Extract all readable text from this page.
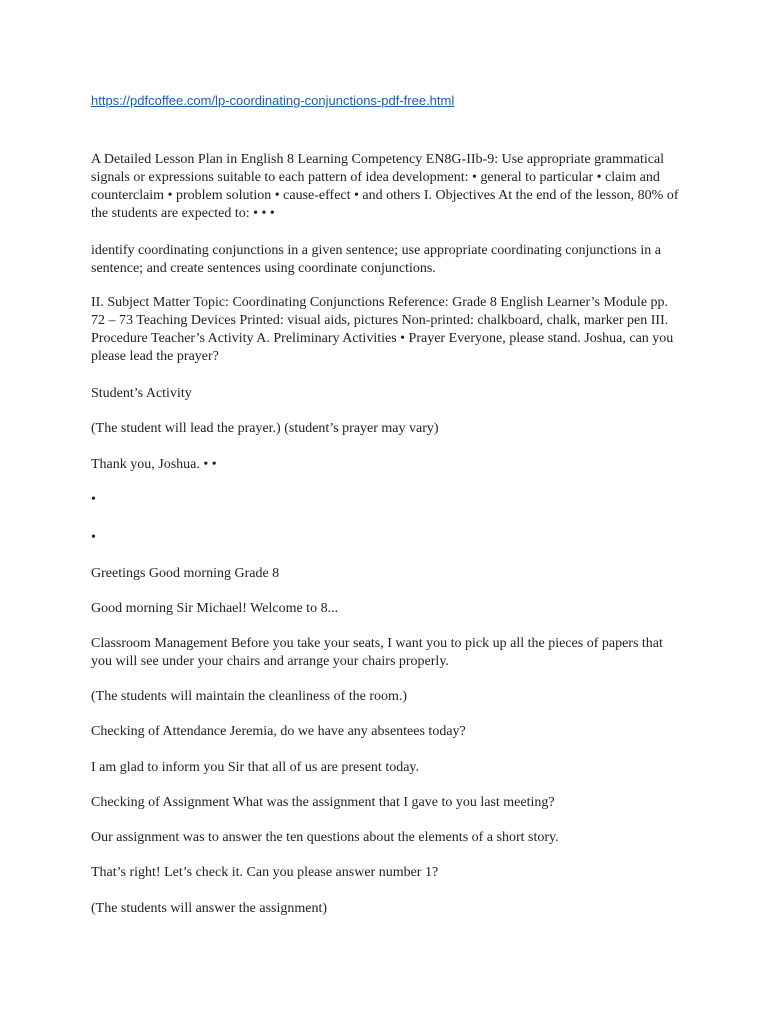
https://pdfcoffee.com/lp-coordinating-conjunctions-pdf-free.html

A Detailed Lesson Plan in English 8 Learning Competency EN8G-IIb-9: Use appropriate grammatical signals or expressions suitable to each pattern of idea development: • general to particular • claim and counterclaim • problem solution • cause-effect • and others I. Objectives At the end of the lesson, 80% of the students are expected to: • • •

identify coordinating conjunctions in a given sentence; use appropriate coordinating conjunctions in a sentence; and create sentences using coordinate conjunctions.

II. Subject Matter Topic: Coordinating Conjunctions Reference: Grade 8 English Learner’s Module pp. 72 – 73 Teaching Devices Printed: visual aids, pictures Non-printed: chalkboard, chalk, marker pen III. Procedure Teacher’s Activity A. Preliminary Activities • Prayer Everyone, please stand. Joshua, can you please lead the prayer?

Student’s Activity

(The student will lead the prayer.) (student’s prayer may vary)

Thank you, Joshua. • •

•

•

Greetings Good morning Grade 8

Good morning Sir Michael! Welcome to 8...

Classroom Management Before you take your seats, I want you to pick up all the pieces of papers that you will see under your chairs and arrange your chairs properly.

(The students will maintain the cleanliness of the room.)

Checking of Attendance Jeremia, do we have any absentees today?

I am glad to inform you Sir that all of us are present today.

Checking of Assignment What was the assignment that I gave to you last meeting?

Our assignment was to answer the ten questions about the elements of a short story.

That’s right! Let’s check it. Can you please answer number 1?

(The students will answer the assignment)
